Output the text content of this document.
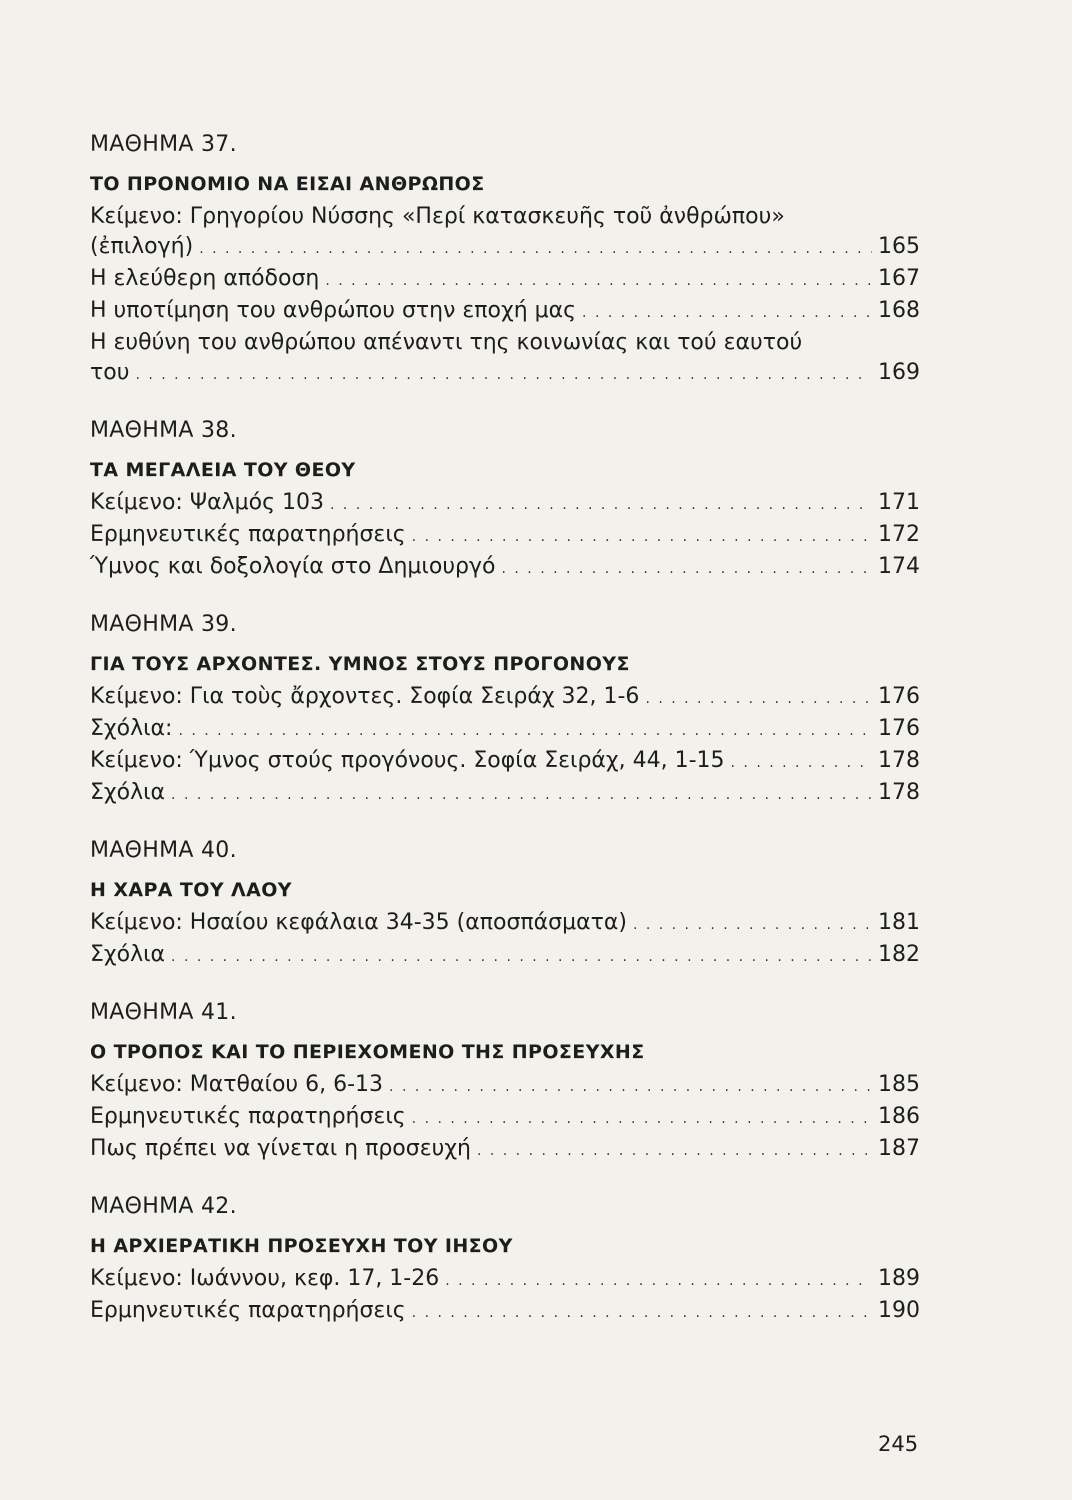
ΜΑΘΗΜΑ 37.
ΤΟ ΠΡΟΝΟΜΙΟ ΝΑ ΕΙΣΑΙ ΑΝΘΡΩΠΟΣ
Κείμενο: Γρηγορίου Νύσσης «Περί κατασκευῆς τοῦ ἀνθρώπου»
(ἐπιλογή) . . .	165
Η ελεύθερη απόδοση . . .	167
Η υποτίμηση του ανθρώπου στην εποχή μας . . .	168
Η ευθύνη του ανθρώπου απέναντι της κοινωνίας και τού εαυτού
του . . .	169
ΜΑΘΗΜΑ 38.
ΤΑ ΜΕΓΑΛΕΙΑ ΤΟΥ ΘΕΟΥ
Κείμενο: Ψαλμός 103 . . .	171
Ερμηνευτικές παρατηρήσεις . . .	172
Ύμνος και δοξολογία στο Δημιουργό . . .	174
ΜΑΘΗΜΑ 39.
ΓΙΑ ΤΟΥΣ ΑΡΧΟΝΤΕΣ. ΥΜΝΟΣ ΣΤΟΥΣ ΠΡΟΓΟΝΟΥΣ
Κείμενο: Για τοὺς ἄρχοντες. Σοφία Σειράχ 32, 1-6 . . .	176
Σχόλια: . . .	176
Κείμενο: Ύμνος στούς προγόνους. Σοφία Σειράχ, 44, 1-15 . . .	178
Σχόλια . . .	178
ΜΑΘΗΜΑ 40.
Η ΧΑΡΑ ΤΟΥ ΛΑΟΥ
Κείμενο: Ησαίου κεφάλαια 34-35 (αποσπάσματα) . . .	181
Σχόλια . . .	182
ΜΑΘΗΜΑ 41.
Ο ΤΡΟΠΟΣ ΚΑΙ ΤΟ ΠΕΡΙΕΧΟΜΕΝΟ ΤΗΣ ΠΡΟΣΕΥΧΗΣ
Κείμενο: Ματθαίου 6, 6-13 . . .	185
Ερμηνευτικές παρατηρήσεις . . .	186
Πως πρέπει να γίνεται η προσευχή . . .	187
ΜΑΘΗΜΑ 42.
Η ΑΡΧΙΕΡΑΤΙΚΗ ΠΡΟΣΕΥΧΗ ΤΟΥ ΙΗΣΟΥ
Κείμενο: Ιωάννου, κεφ. 17, 1-26 . . .	189
Ερμηνευτικές παρατηρήσεις . . .	190
245
